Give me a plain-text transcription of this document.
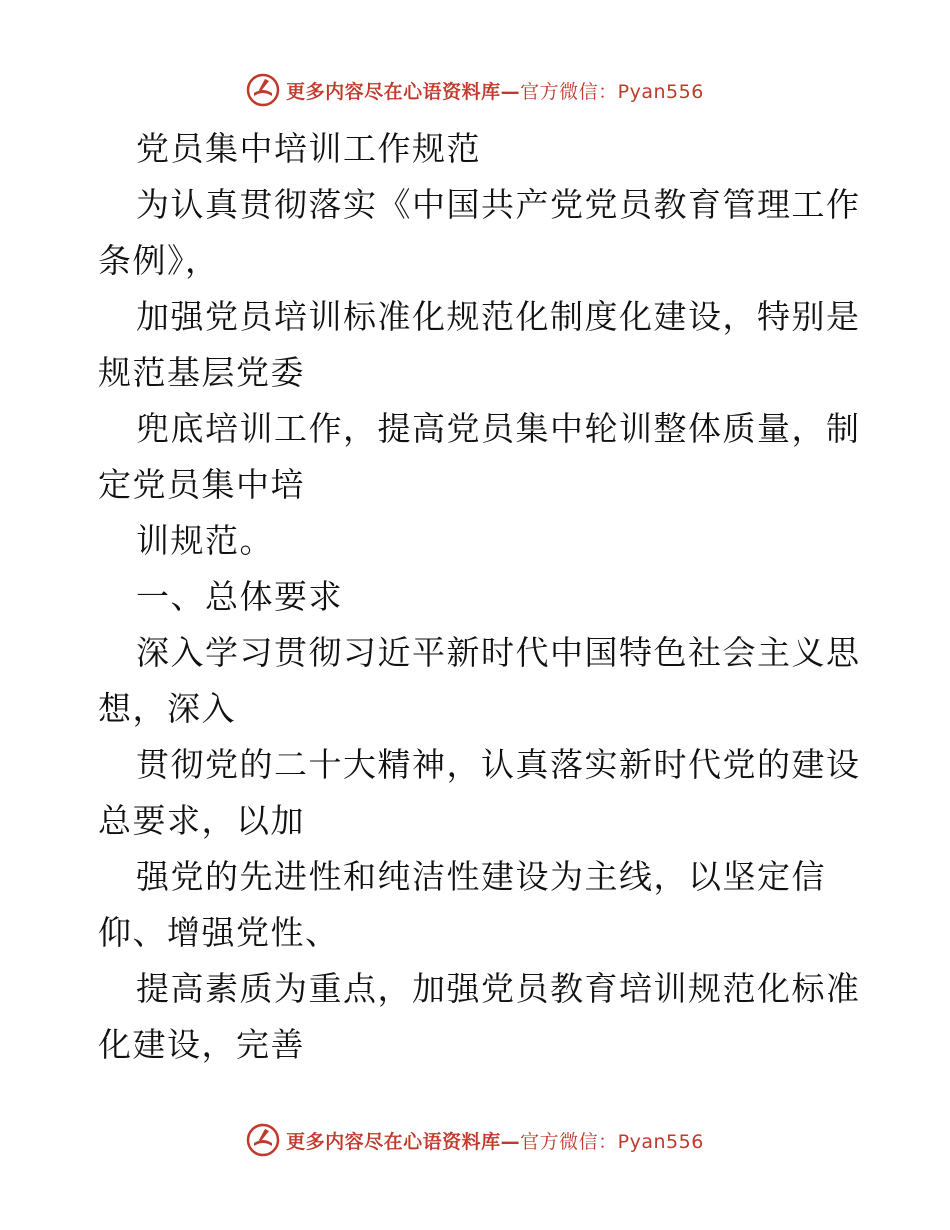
更多内容尽在心语资料库—官方微信：Pyan556
党员集中培训工作规范
为认真贯彻落实《中国共产党党员教育管理工作
条例》，
加强党员培训标准化规范化制度化建设，特别是
规范基层党委
兜底培训工作，提高党员集中轮训整体质量，制
定党员集中培
训规范。
一、总体要求
深入学习贯彻习近平新时代中国特色社会主义思
想，深入
贯彻党的二十大精神，认真落实新时代党的建设
总要求，以加
强党的先进性和纯洁性建设为主线，以坚定信
仰、增强党性、
提高素质为重点，加强党员教育培训规范化标准
化建设，完善
更多内容尽在心语资料库—官方微信：Pyan556
